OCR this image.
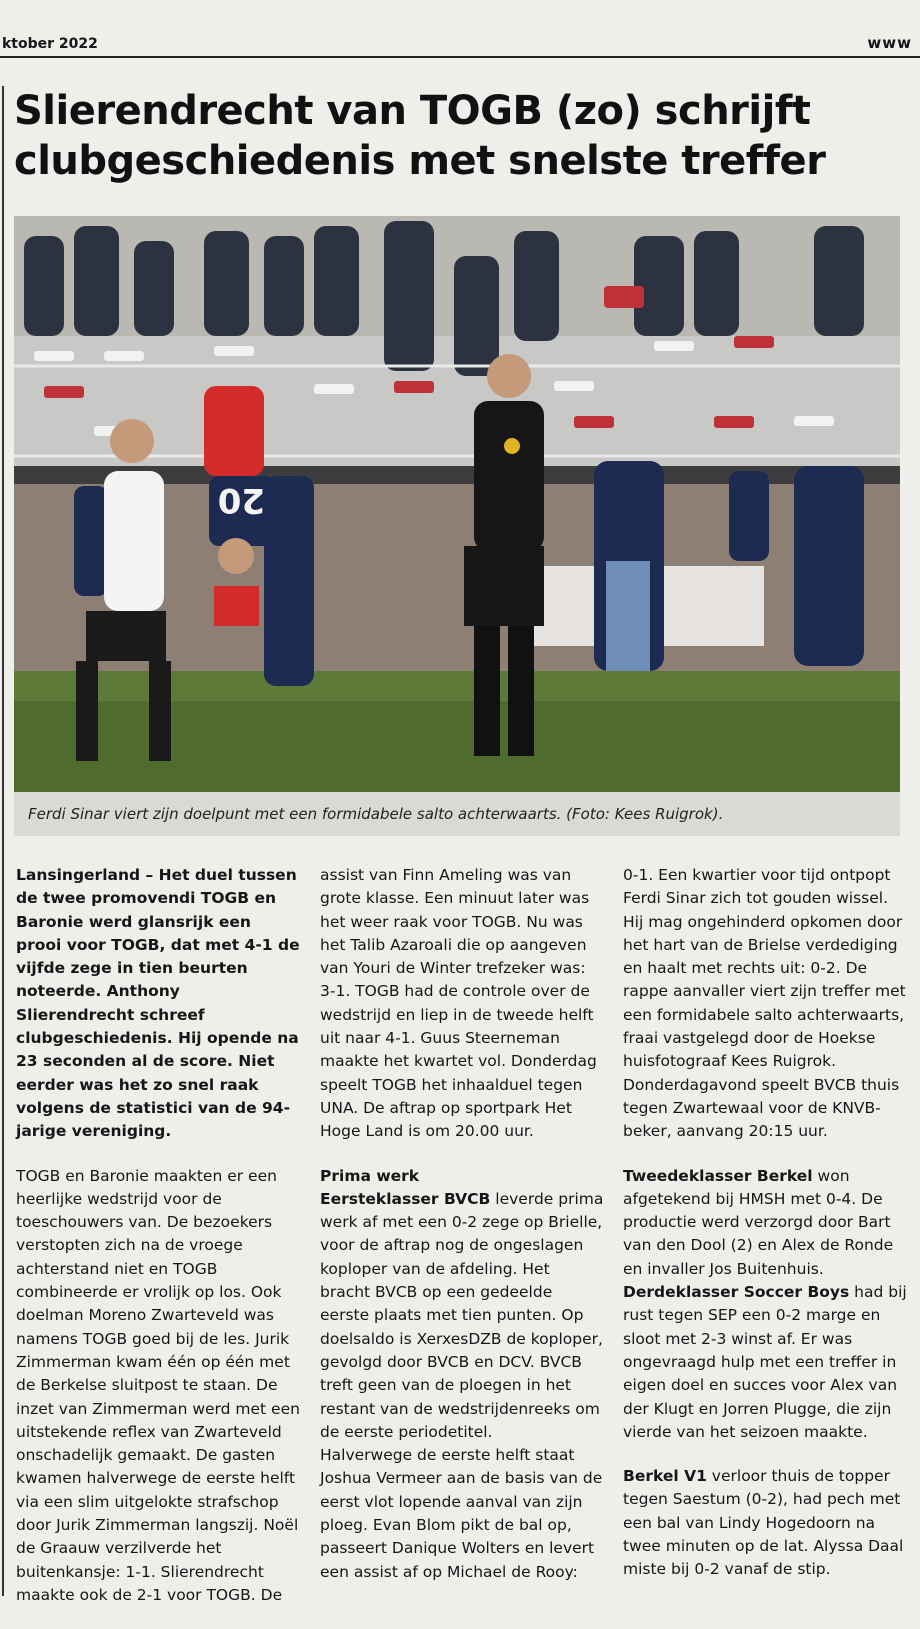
ktober 2022	www
Slierendrecht van TOGB (zo) schrijft clubgeschiedenis met snelste treffer
20
Ferdi Sinar viert zijn doelpunt met een formidabele salto achterwaarts. (Foto: Kees Ruigrok).

Lansingerland – Het duel tussen de twee promovendi TOGB en Baronie werd glansrijk een prooi voor TOGB, dat met 4-1 de vijfde zege in tien beurten noteerde. Anthony Slierendrecht schreef clubgeschiedenis. Hij opende na 23 seconden al de score. Niet eerder was het zo snel raak volgens de statistici van de 94-jarige vereniging.

TOGB en Baronie maakten er een heerlijke wedstrijd voor de toeschouwers van. De bezoekers verstopten zich na de vroege achterstand niet en TOGB combineerde er vrolijk op los. Ook doelman Moreno Zwarteveld was namens TOGB goed bij de les. Jurik Zimmerman kwam één op één met de Berkelse sluitpost te staan. De inzet van Zimmerman werd met een uitstekende reflex van Zwarteveld onschadelijk gemaakt. De gasten kwamen halverwege de eerste helft via een slim uitgelokte strafschop door Jurik Zimmerman langszij. Noël de Graauw verzilverde het buitenkansje: 1-1. Slierendrecht maakte ook de 2-1 voor TOGB. De

assist van Finn Ameling was van grote klasse. Een minuut later was het weer raak voor TOGB. Nu was het Talib Azaroali die op aangeven van Youri de Winter trefzeker was: 3-1. TOGB had de controle over de wedstrijd en liep in de tweede helft uit naar 4-1. Guus Steerneman maakte het kwartet vol. Donderdag speelt TOGB het inhaalduel tegen UNA. De aftrap op sportpark Het Hoge Land is om 20.00 uur.

Prima werk

Eersteklasser BVCB leverde prima werk af met een 0-2 zege op Brielle, voor de aftrap nog de ongeslagen koploper van de afdeling. Het bracht BVCB op een gedeelde eerste plaats met tien punten. Op doelsaldo is XerxesDZB de koploper, gevolgd door BVCB en DCV. BVCB treft geen van de ploegen in het restant van de wedstrijdenreeks om de eerste periodetitel.

Halverwege de eerste helft staat Joshua Vermeer aan de basis van de eerst vlot lopende aanval van zijn ploeg. Evan Blom pikt de bal op, passeert Danique Wolters en levert een assist af op Michael de Rooy:

0-1. Een kwartier voor tijd ontpopt Ferdi Sinar zich tot gouden wissel. Hij mag ongehinderd opkomen door het hart van de Brielse verdediging en haalt met rechts uit: 0-2. De rappe aanvaller viert zijn treffer met een formidabele salto achterwaarts, fraai vastgelegd door de Hoekse huisfotograaf Kees Ruigrok. Donderdagavond speelt BVCB thuis tegen Zwartewaal voor de KNVB-beker, aanvang 20:15 uur.

Tweedeklasser Berkel won afgetekend bij HMSH met 0-4. De productie werd verzorgd door Bart van den Dool (2) en Alex de Ronde en invaller Jos Buitenhuis.

Derdeklasser Soccer Boys had bij rust tegen SEP een 0-2 marge en sloot met 2-3 winst af. Er was ongevraagd hulp met een treffer in eigen doel en succes voor Alex van der Klugt en Jorren Plugge, die zijn vierde van het seizoen maakte.

Berkel V1 verloor thuis de topper tegen Saestum (0-2), had pech met een bal van Lindy Hogedoorn na twee minuten op de lat. Alyssa Daal miste bij 0-2 vanaf de stip.
